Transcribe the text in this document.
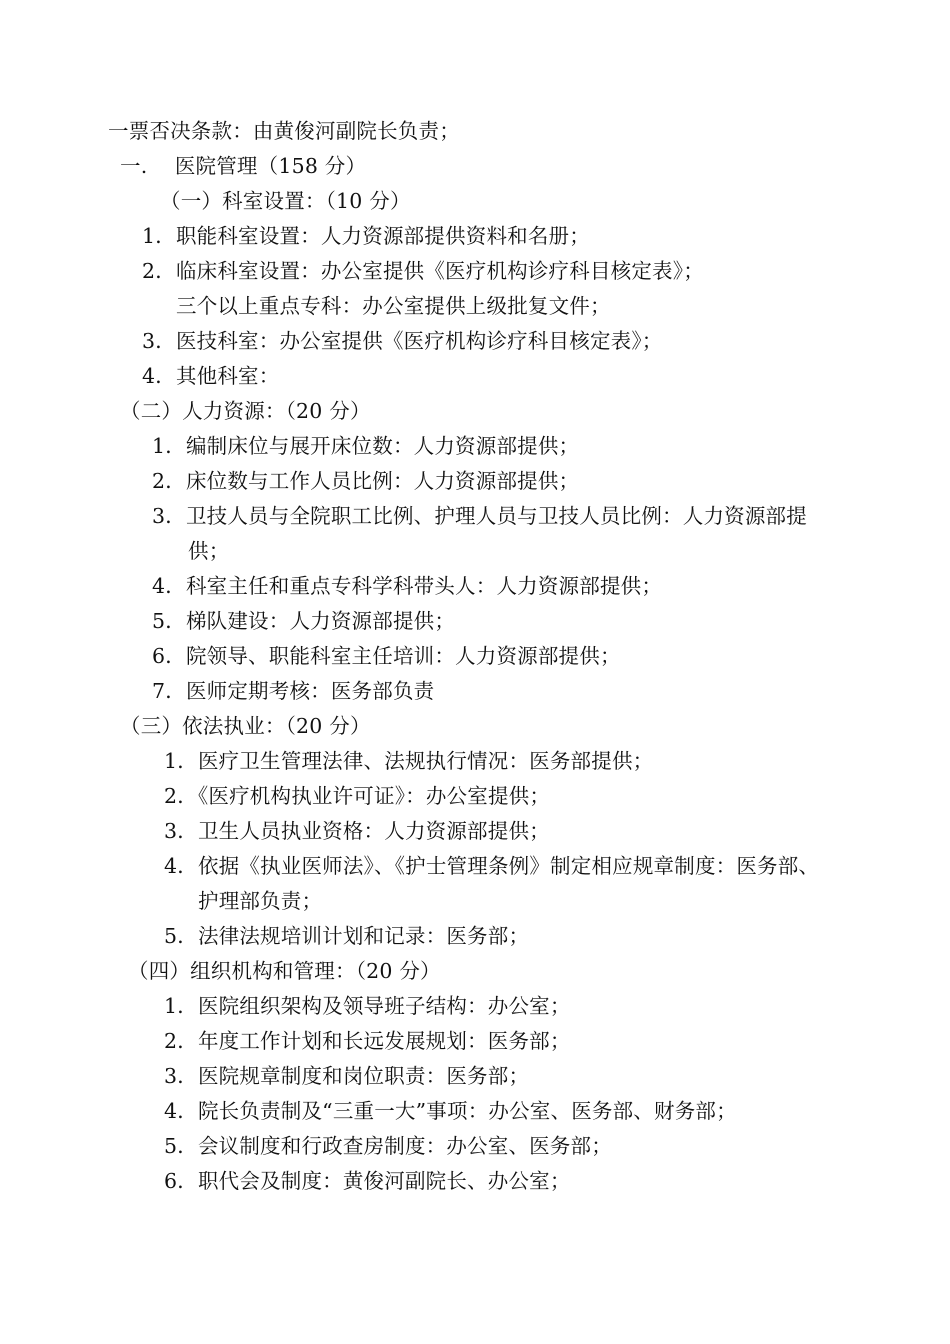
一票否决条款：由黄俊河副院长负责；
一.　 医院管理（158 分）
（一）科室设置：（10 分）
1．职能科室设置：人力资源部提供资料和名册；
2．临床科室设置：办公室提供《医疗机构诊疗科目核定表》；
三个以上重点专科：办公室提供上级批复文件；
3．医技科室：办公室提供《医疗机构诊疗科目核定表》；
4．其他科室：
（二）人力资源：（20 分）
1．编制床位与展开床位数：人力资源部提供；
2．床位数与工作人员比例：人力资源部提供；
3．卫技人员与全院职工比例、护理人员与卫技人员比例：人力资源部提
供；
4．科室主任和重点专科学科带头人：人力资源部提供；
5．梯队建设：人力资源部提供；
6．院领导、职能科室主任培训：人力资源部提供；
7．医师定期考核：医务部负责
（三）依法执业：（20 分）
1．医疗卫生管理法律、法规执行情况：医务部提供；
2．《医疗机构执业许可证》：办公室提供；
3．卫生人员执业资格：人力资源部提供；
4．依据《执业医师法》、《护士管理条例》制定相应规章制度：医务部、
护理部负责；
5．法律法规培训计划和记录：医务部；
（四）组织机构和管理：（20 分）
1．医院组织架构及领导班子结构：办公室；
2．年度工作计划和长远发展规划：医务部；
3．医院规章制度和岗位职责：医务部；
4．院长负责制及“三重一大”事项：办公室、医务部、财务部；
5．会议制度和行政查房制度：办公室、医务部；
6．职代会及制度：黄俊河副院长、办公室；
